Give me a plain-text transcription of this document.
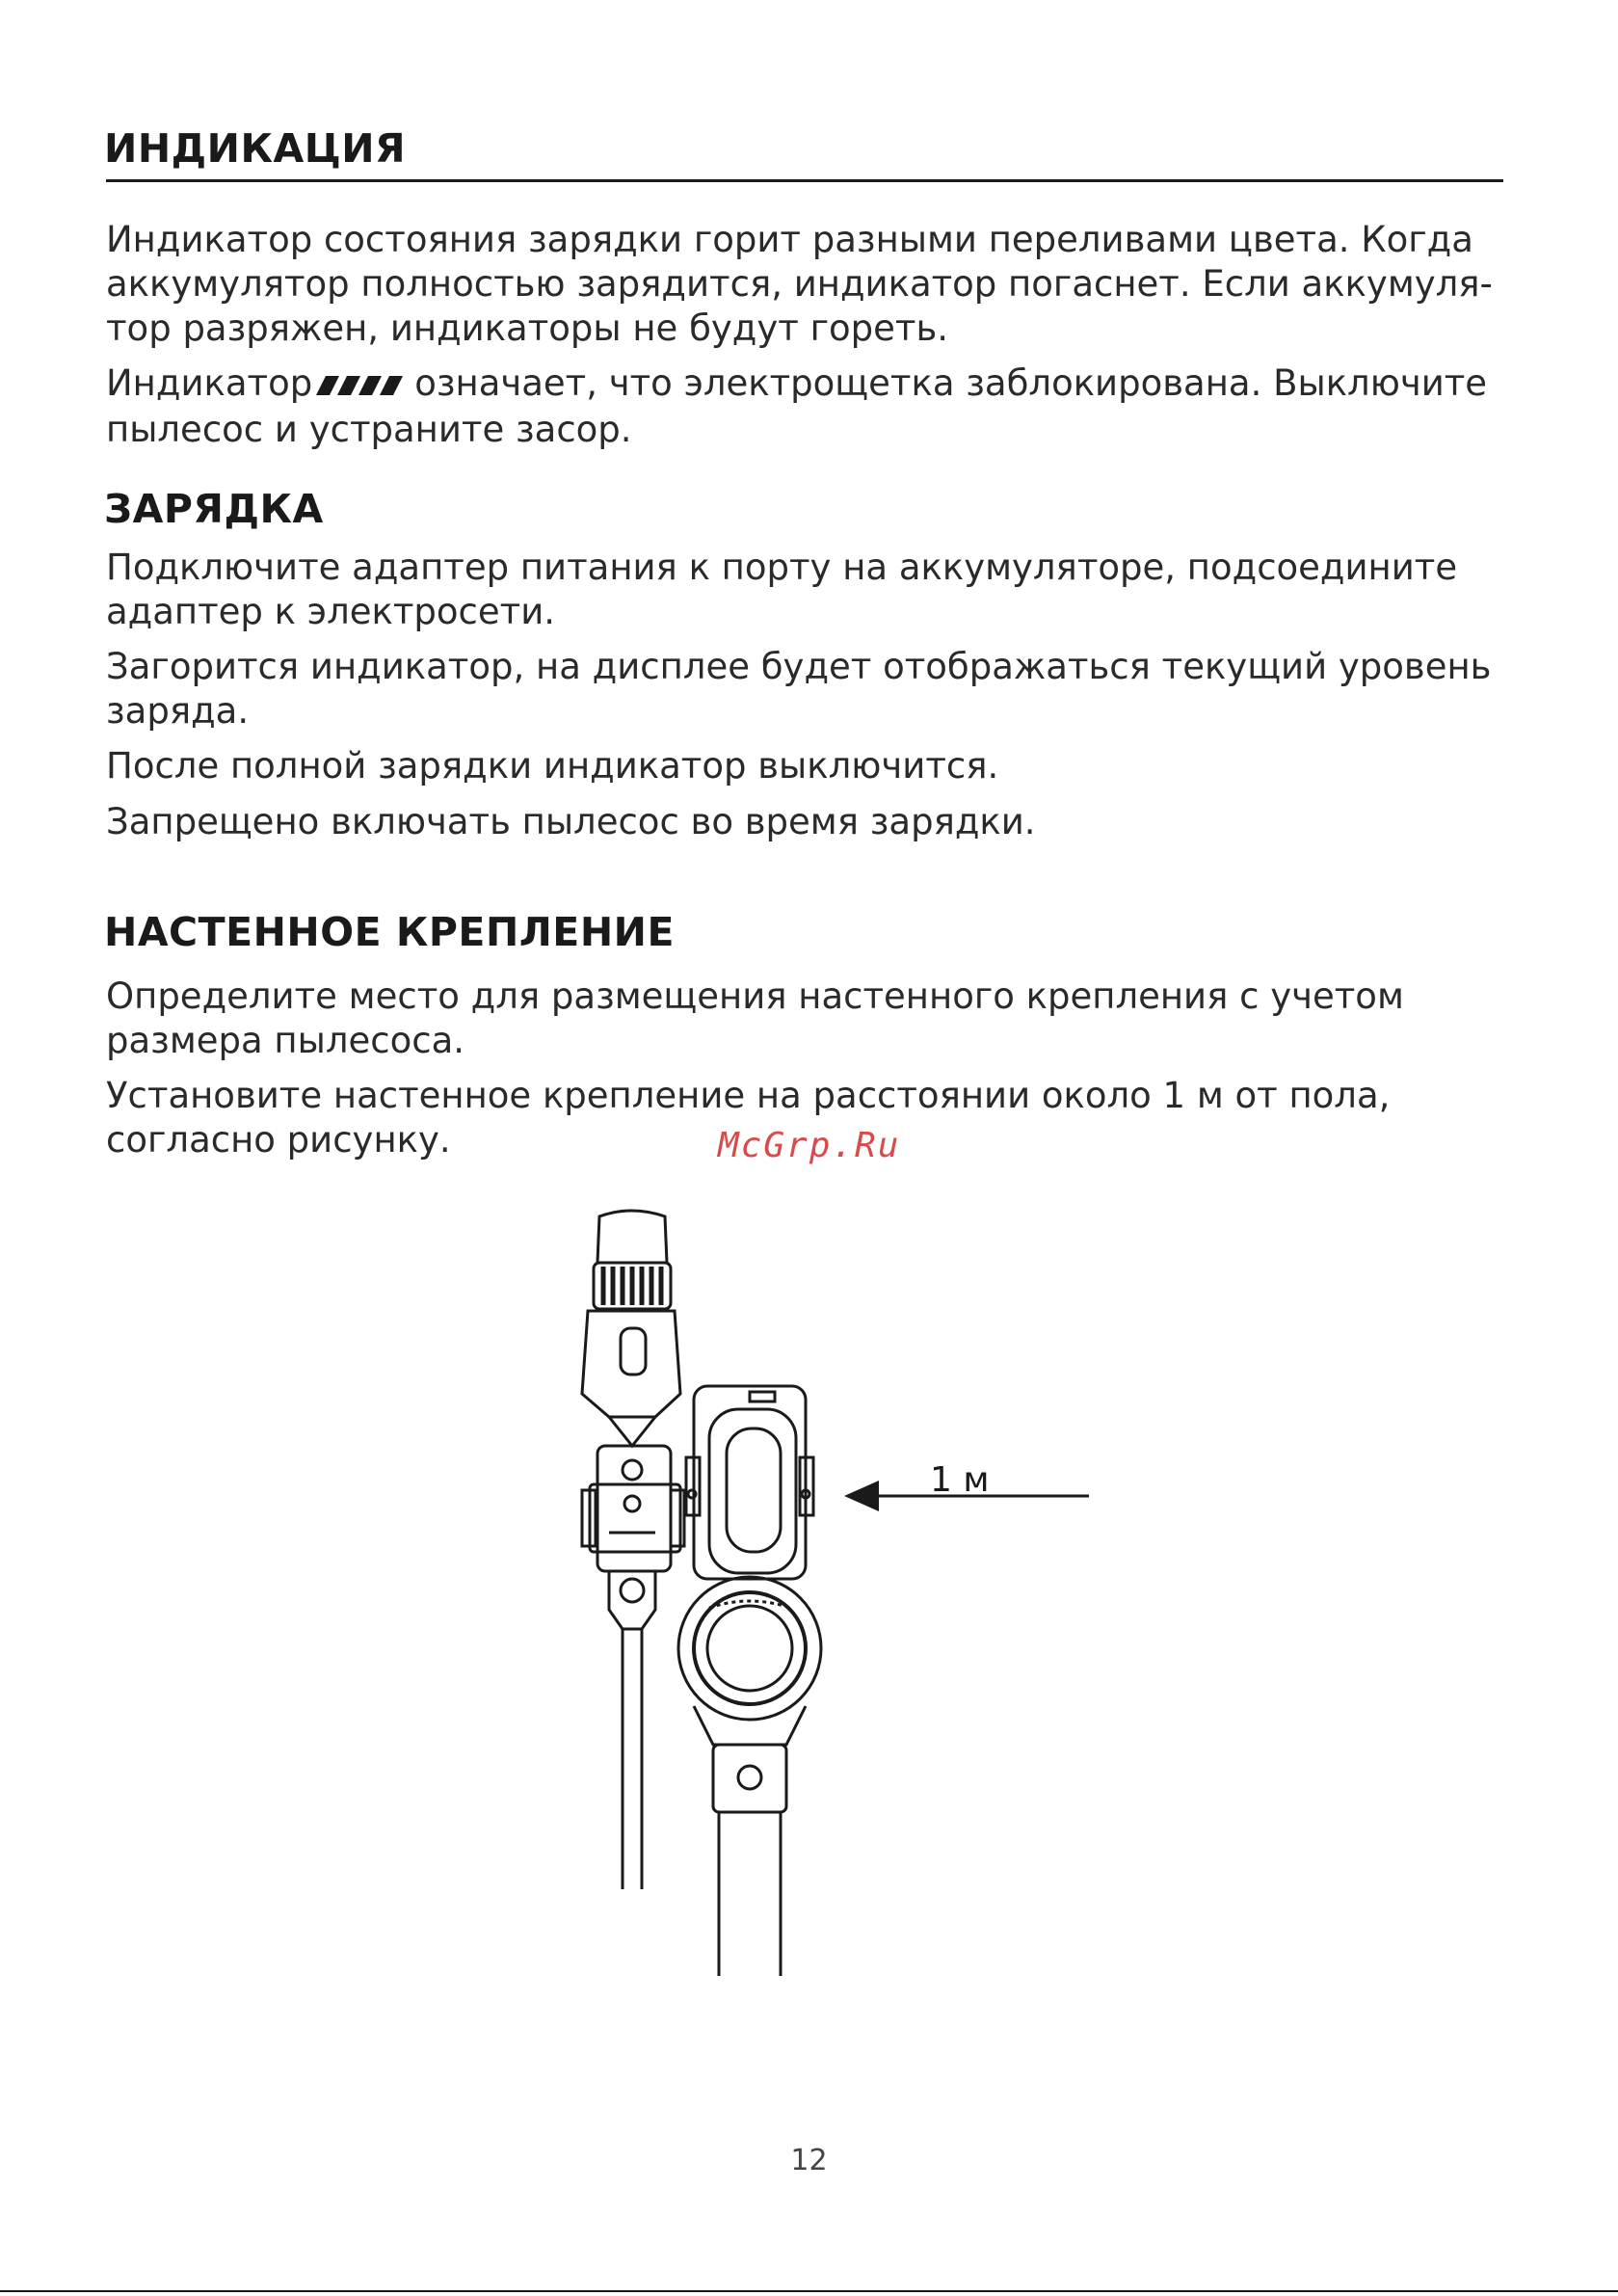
ИНДИКАЦИЯ

Индикатор состояния зарядки горит разными переливами цвета. Когда аккумулятор полностью зарядится, индикатор погаснет. Если аккумуля-тор разряжен, индикаторы не будут гореть.

Индикатор	означает, что электрощетка заблокирована. Выключите пылесос и устраните засор.

ЗАРЯДКА

Подключите адаптер питания к порту на аккумуляторе, подсоедините адаптер к электросети.

Загорится индикатор, на дисплее будет отображаться текущий уровень заряда.

После полной зарядки индикатор выключится.

Запрещено включать пылесос во время зарядки.

НАСТЕННОЕ КРЕПЛЕНИЕ

Определите место для размещения настенного крепления с учетом размера пылесоса.

Установите настенное крепление на расстоянии около 1 м от пола, согласно рисунку.	McGrp.Ru
1 м
12
